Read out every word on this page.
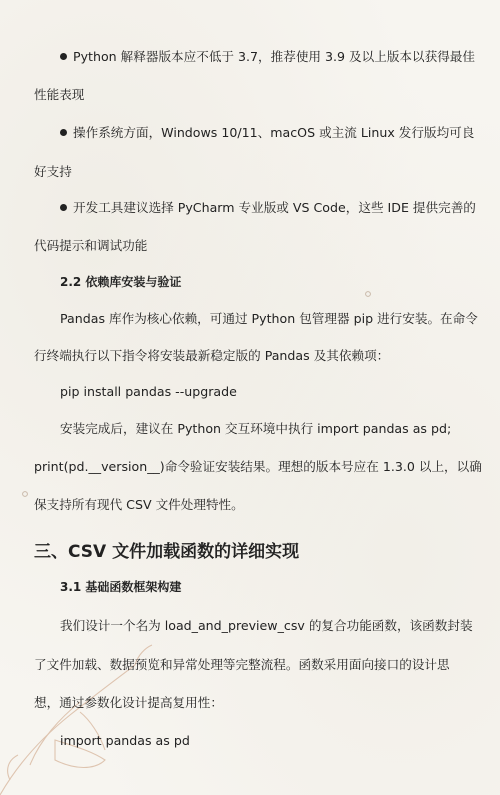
Python 解释器版本应不低于 3.7，推荐使用 3.9 及以上版本以获得最佳
性能表现
操作系统方面，Windows 10/11、macOS 或主流 Linux 发行版均可良
好支持
开发工具建议选择 PyCharm 专业版或 VS Code，这些 IDE 提供完善的
代码提示和调试功能
2.2 依赖库安装与验证
Pandas 库作为核心依赖，可通过 Python 包管理器 pip 进行安装。在命令
行终端执行以下指令将安装最新稳定版的 Pandas 及其依赖项：
pip install pandas --upgrade
安装完成后，建议在 Python 交互环境中执行 import pandas as pd;
print(pd.__version__)命令验证安装结果。理想的版本号应在 1.3.0 以上，以确
保支持所有现代 CSV 文件处理特性。
三、CSV 文件加载函数的详细实现
3.1 基础函数框架构建
我们设计一个名为 load_and_preview_csv 的复合功能函数，该函数封装
了文件加载、数据预览和异常处理等完整流程。函数采用面向接口的设计思
想，通过参数化设计提高复用性：
import pandas as pd
